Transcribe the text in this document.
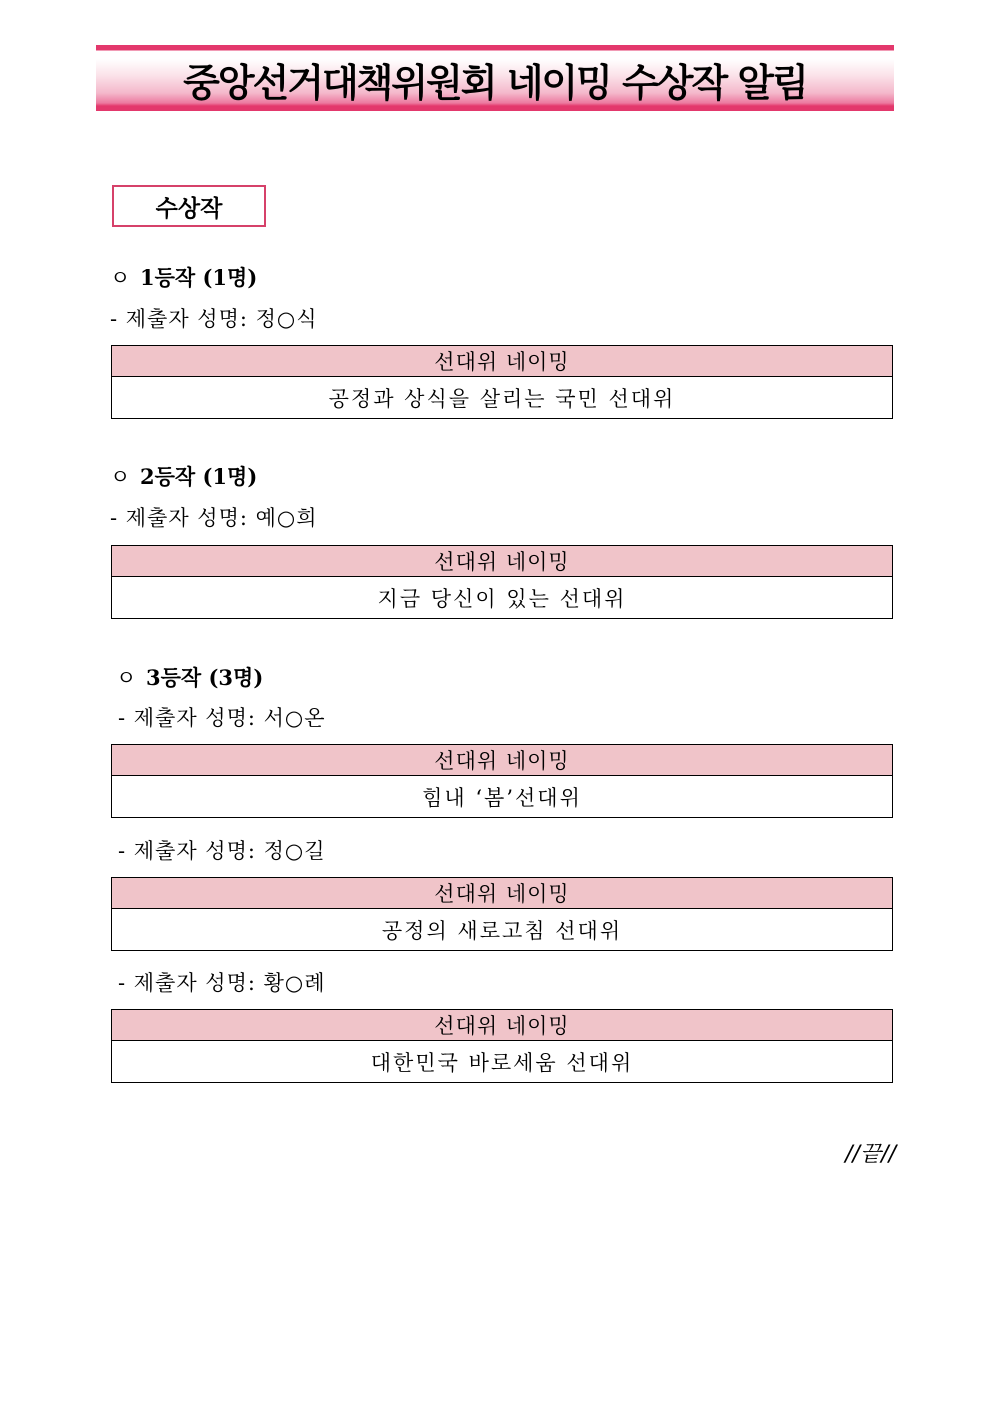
중앙선거대책위원회 네이밍 수상작 알림
수상작
ㅇ 1등작 (1명)
- 제출자 성명: 정○식
선대위 네이밍
공정과 상식을 살리는 국민 선대위
ㅇ 2등작 (1명)
- 제출자 성명: 예○희
선대위 네이밍
지금 당신이 있는 선대위
ㅇ 3등작 (3명)
- 제출자 성명: 서○온
선대위 네이밍
힘내 ‘봄’선대위
- 제출자 성명: 정○길
선대위 네이밍
공정의 새로고침 선대위
- 제출자 성명: 황○례
선대위 네이밍
대한민국 바로세움 선대위
//끝//
